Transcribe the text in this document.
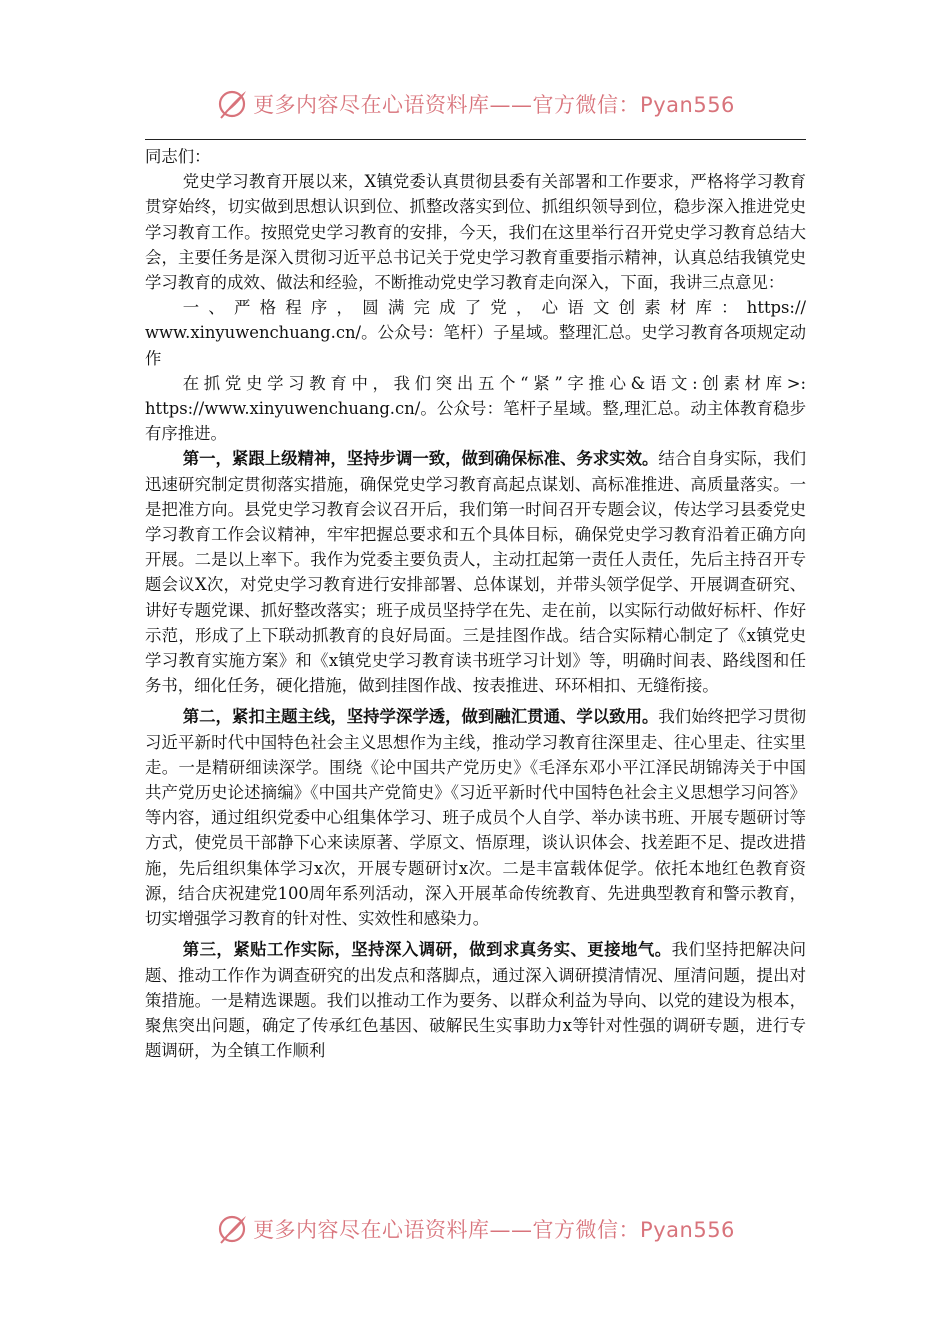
更多内容尽在心语资料库——官方微信：Pyan556

同志们：

党史学习教育开展以来，X镇党委认真贯彻县委有关部署和工作要求，严格将学习教育贯穿始终，切实做到思想认识到位、抓整改落实到位、抓组织领导到位，稳步深入推进党史学习教育工作。按照党史学习教育的安排，今天，我们在这里举行召开党史学习教育总结大会，主要任务是深入贯彻习近平总书记关于党史学习教育重要指示精神，认真总结我镇党史学习教育的成效、做法和经验，不断推动党史学习教育走向深入，下面，我讲三点意见：

一、严格程序，圆满完成了党，心语文创素材库：https://

www.xinyuwenchuang.cn/。公众号：笔杆）子星域。整理汇总。史学习教育各项规定动作

在抓党史学习教育中，我们突出五个“紧”字推心&语文:创素材库>: https://www.xinyuwenchuang.cn/。公众号：笔杆子星域。整,理汇总。动主体教育稳步有序推进。

第一，紧跟上级精神，坚持步调一致，做到确保标准、务求实效。结合自身实际，我们迅速研究制定贯彻落实措施，确保党史学习教育高起点谋划、高标准推进、高质量落实。一是把准方向。县党史学习教育会议召开后，我们第一时间召开专题会议，传达学习县委党史学习教育工作会议精神，牢牢把握总要求和五个具体目标，确保党史学习教育沿着正确方向开展。二是以上率下。我作为党委主要负责人，主动扛起第一责任人责任，先后主持召开专题会议X次，对党史学习教育进行安排部署、总体谋划，并带头领学促学、开展调查研究、讲好专题党课、抓好整改落实；班子成员坚持学在先、走在前，以实际行动做好标杆、作好示范，形成了上下联动抓教育的良好局面。三是挂图作战。结合实际精心制定了《x镇党史学习教育实施方案》和《x镇党史学习教育读书班学习计划》等，明确时间表、路线图和任务书，细化任务，硬化措施，做到挂图作战、按表推进、环环相扣、无缝衔接。

第二，紧扣主题主线，坚持学深学透，做到融汇贯通、学以致用。我们始终把学习贯彻习近平新时代中国特色社会主义思想作为主线，推动学习教育往深里走、往心里走、往实里走。一是精研细读深学。围绕《论中国共产党历史》《毛泽东邓小平江泽民胡锦涛关于中国共产党历史论述摘编》《中国共产党简史》《习近平新时代中国特色社会主义思想学习问答》等内容，通过组织党委中心组集体学习、班子成员个人自学、举办读书班、开展专题研讨等方式，使党员干部静下心来读原著、学原文、悟原理，谈认识体会、找差距不足、提改进措施，先后组织集体学习x次，开展专题研讨x次。二是丰富载体促学。依托本地红色教育资源，结合庆祝建党100周年系列活动，深入开展革命传统教育、先进典型教育和警示教育，切实增强学习教育的针对性、实效性和感染力。

第三，紧贴工作实际，坚持深入调研，做到求真务实、更接地气。我们坚持把解决问题、推动工作作为调查研究的出发点和落脚点，通过深入调研摸清情况、厘清问题，提出对策措施。一是精选课题。我们以推动工作为要务、以群众利益为导向、以党的建设为根本，聚焦突出问题，确定了传承红色基因、破解民生实事助力x等针对性强的调研专题，进行专题调研，为全镇工作顺利

更多内容尽在心语资料库——官方微信：Pyan556
